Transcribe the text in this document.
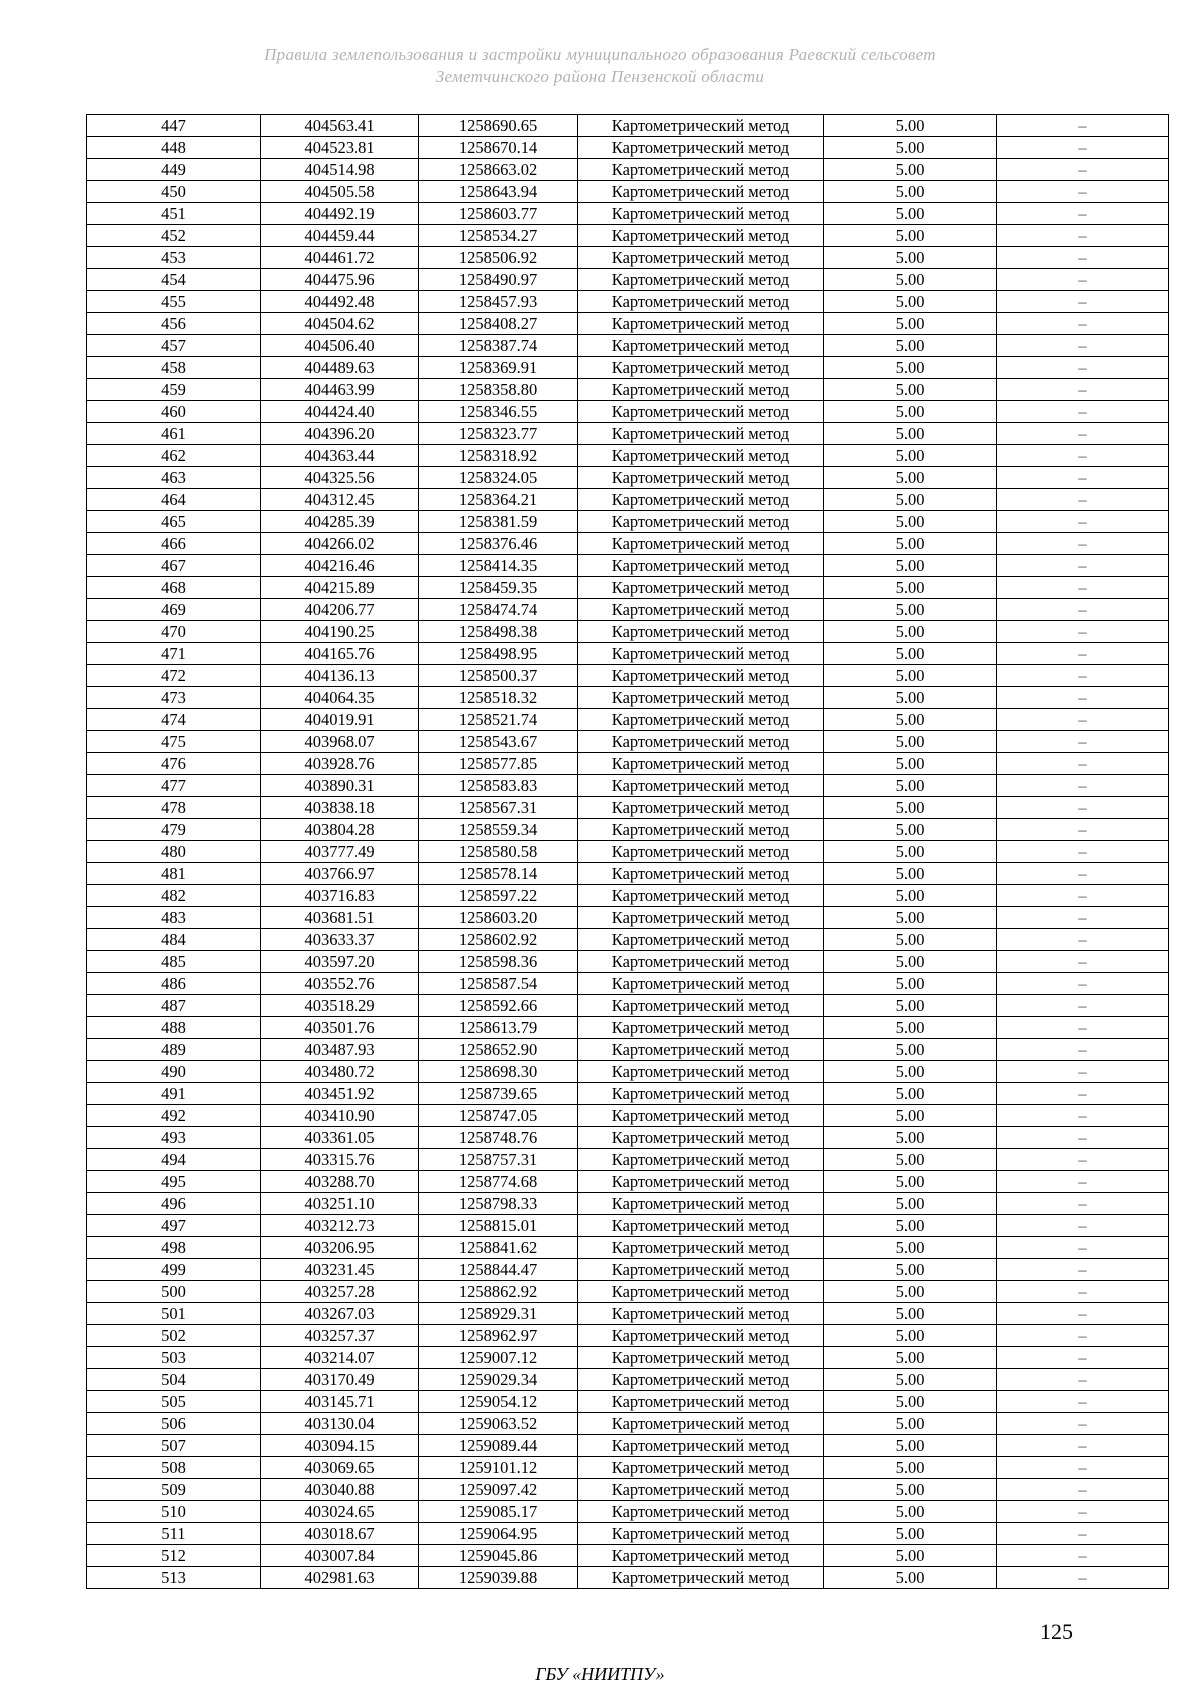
Правила землепользования и застройки муниципального образования Раевский сельсовет
Земетчинского района Пензенской области
447	404563.41	1258690.65	Картометрический метод	5.00	–
448	404523.81	1258670.14	Картометрический метод	5.00	–
449	404514.98	1258663.02	Картометрический метод	5.00	–
450	404505.58	1258643.94	Картометрический метод	5.00	–
451	404492.19	1258603.77	Картометрический метод	5.00	–
452	404459.44	1258534.27	Картометрический метод	5.00	–
453	404461.72	1258506.92	Картометрический метод	5.00	–
454	404475.96	1258490.97	Картометрический метод	5.00	–
455	404492.48	1258457.93	Картометрический метод	5.00	–
456	404504.62	1258408.27	Картометрический метод	5.00	–
457	404506.40	1258387.74	Картометрический метод	5.00	–
458	404489.63	1258369.91	Картометрический метод	5.00	–
459	404463.99	1258358.80	Картометрический метод	5.00	–
460	404424.40	1258346.55	Картометрический метод	5.00	–
461	404396.20	1258323.77	Картометрический метод	5.00	–
462	404363.44	1258318.92	Картометрический метод	5.00	–
463	404325.56	1258324.05	Картометрический метод	5.00	–
464	404312.45	1258364.21	Картометрический метод	5.00	–
465	404285.39	1258381.59	Картометрический метод	5.00	–
466	404266.02	1258376.46	Картометрический метод	5.00	–
467	404216.46	1258414.35	Картометрический метод	5.00	–
468	404215.89	1258459.35	Картометрический метод	5.00	–
469	404206.77	1258474.74	Картометрический метод	5.00	–
470	404190.25	1258498.38	Картометрический метод	5.00	–
471	404165.76	1258498.95	Картометрический метод	5.00	–
472	404136.13	1258500.37	Картометрический метод	5.00	–
473	404064.35	1258518.32	Картометрический метод	5.00	–
474	404019.91	1258521.74	Картометрический метод	5.00	–
475	403968.07	1258543.67	Картометрический метод	5.00	–
476	403928.76	1258577.85	Картометрический метод	5.00	–
477	403890.31	1258583.83	Картометрический метод	5.00	–
478	403838.18	1258567.31	Картометрический метод	5.00	–
479	403804.28	1258559.34	Картометрический метод	5.00	–
480	403777.49	1258580.58	Картометрический метод	5.00	–
481	403766.97	1258578.14	Картометрический метод	5.00	–
482	403716.83	1258597.22	Картометрический метод	5.00	–
483	403681.51	1258603.20	Картометрический метод	5.00	–
484	403633.37	1258602.92	Картометрический метод	5.00	–
485	403597.20	1258598.36	Картометрический метод	5.00	–
486	403552.76	1258587.54	Картометрический метод	5.00	–
487	403518.29	1258592.66	Картометрический метод	5.00	–
488	403501.76	1258613.79	Картометрический метод	5.00	–
489	403487.93	1258652.90	Картометрический метод	5.00	–
490	403480.72	1258698.30	Картометрический метод	5.00	–
491	403451.92	1258739.65	Картометрический метод	5.00	–
492	403410.90	1258747.05	Картометрический метод	5.00	–
493	403361.05	1258748.76	Картометрический метод	5.00	–
494	403315.76	1258757.31	Картометрический метод	5.00	–
495	403288.70	1258774.68	Картометрический метод	5.00	–
496	403251.10	1258798.33	Картометрический метод	5.00	–
497	403212.73	1258815.01	Картометрический метод	5.00	–
498	403206.95	1258841.62	Картометрический метод	5.00	–
499	403231.45	1258844.47	Картометрический метод	5.00	–
500	403257.28	1258862.92	Картометрический метод	5.00	–
501	403267.03	1258929.31	Картометрический метод	5.00	–
502	403257.37	1258962.97	Картометрический метод	5.00	–
503	403214.07	1259007.12	Картометрический метод	5.00	–
504	403170.49	1259029.34	Картометрический метод	5.00	–
505	403145.71	1259054.12	Картометрический метод	5.00	–
506	403130.04	1259063.52	Картометрический метод	5.00	–
507	403094.15	1259089.44	Картометрический метод	5.00	–
508	403069.65	1259101.12	Картометрический метод	5.00	–
509	403040.88	1259097.42	Картометрический метод	5.00	–
510	403024.65	1259085.17	Картометрический метод	5.00	–
511	403018.67	1259064.95	Картометрический метод	5.00	–
512	403007.84	1259045.86	Картометрический метод	5.00	–
513	402981.63	1259039.88	Картометрический метод	5.00	–
125
ГБУ «НИИТПУ»
